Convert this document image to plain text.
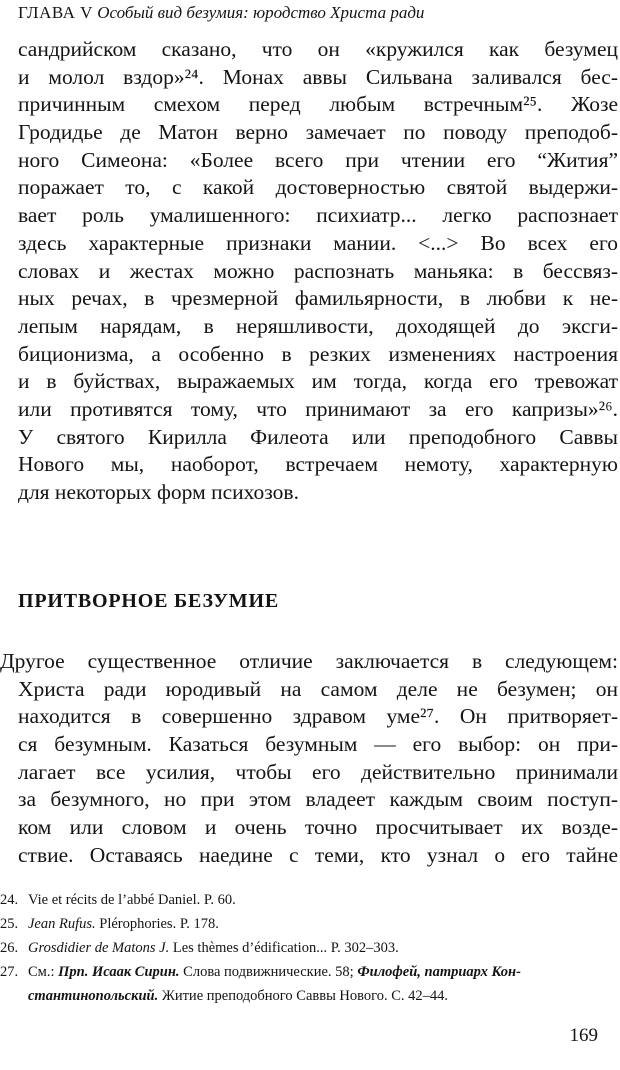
ГЛАВА V Особый вид безумия: юродство Христа ради
сандрийском сказано, что он «кружился как безумец
и молол вздор»²⁴. Монах аввы Сильвана заливался бес-
причинным смехом перед любым встречным²⁵. Жозе
Гродидье де Матон верно замечает по поводу преподоб-
ного Симеона: «Более всего при чтении его “Жития”
поражает то, с какой достоверностью святой выдержи-
вает роль умалишенного: психиатр... легко распознает
здесь характерные признаки мании. <...> Во всех его
словах и жестах можно распознать маньяка: в бессвяз-
ных речах, в чрезмерной фамильярности, в любви к не-
лепым нарядам, в неряшливости, доходящей до эксги-
биционизма, а особенно в резких изменениях настроения
и в буйствах, выражаемых им тогда, когда его тревожат
или противятся тому, что принимают за его капризы»²⁶.
У святого Кирилла Филеота или преподобного Саввы
Нового мы, наоборот, встречаем немоту, характерную
для некоторых форм психозов.
ПРИТВОРНОЕ БЕЗУМИЕ
Другое существенное отличие заключается в следующем:
Христа ради юродивый на самом деле не безумен; он
находится в совершенно здравом уме²⁷. Он притворяет-
ся безумным. Казаться безумным — его выбор: он при-
лагает все усилия, чтобы его действительно принимали
за безумного, но при этом владеет каждым своим поступ-
ком или словом и очень точно просчитывает их возде-
ствие. Оставаясь наедине с теми, кто узнал о его тайне
24. Vie et récits de l’abbé Daniel. P. 60.
25. Jean Rufus. Plérophories. P. 178.
26. Grosdidier de Matons J. Les thèmes d’édification... P. 302–303.
27. См.: Прп. Исаак Сирин. Слова подвижнические. 58; Филофей, патриарх Кон-
стантинопольский. Житие преподобного Саввы Нового. С. 42–44.
169
